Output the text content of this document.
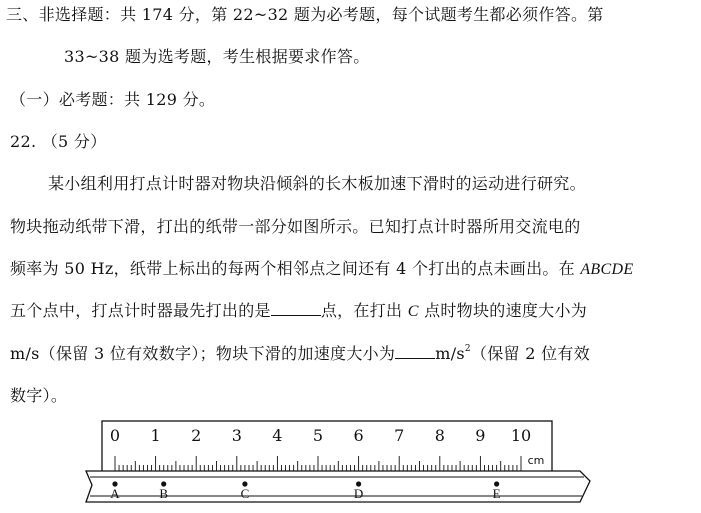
三、非选择题：共 174 分，第 22~32 题为必考题，每个试题考生都必须作答。第
33~38 题为选考题，考生根据要求作答。
（一）必考题：共 129 分。
22. （5 分）
某小组利用打点计时器对物块沿倾斜的长木板加速下滑时的运动进行研究。
物块拖动纸带下滑，打出的纸带一部分如图所示。已知打点计时器所用交流电的
频率为 50 Hz，纸带上标出的每两个相邻点之间还有 4 个打出的点未画出。在 ABCDE
五个点中，打点计时器最先打出的是	点，在打出 C 点时物块的速度大小为
m/s（保留 3 位有效数字）；物块下滑的加速度大小为	$m/s^2$（保留 2 位有效
数字）。
0 1 2 3 4 5 6 7 8 9 10
cm
A	B	C	D	E
